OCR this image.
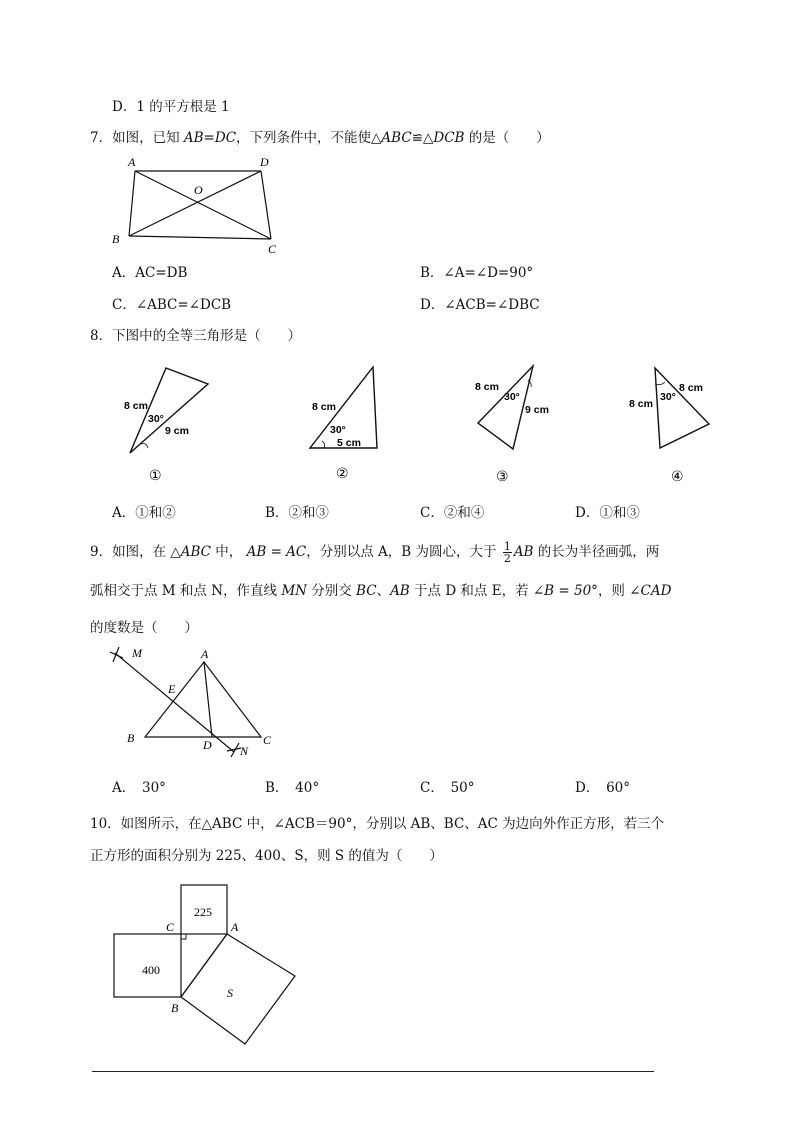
D．1 的平方根是 1
7．如图，已知 AB=DC，下列条件中，不能使△ABC≌△DCB 的是（　　）
A	D
O
B
C
A．AC=DB	B．∠A=∠D=90°
C．∠ABC=∠DCB	D．∠ACB=∠DBC
8．下图中的全等三角形是（　　）
8 cm
30°
9 cm
①
8 cm
30°
5 cm
②
8 cm
30°
9 cm
③
8 cm
30°
8 cm
④
A．①和②	B．②和③	C．②和④	D．①和③
9．如图，在 △ABC 中， AB = AC，分别以点 A，B 为圆心，大于 $\frac{1}{2}$ AB 的长为半径画弧，两
弧相交于点 M 和点 N，作直线 MN 分别交 BC、AB 于点 D 和点 E，若 ∠B = 50°，则 ∠CAD
的度数是（　　）
M	A
E
B	D	C
N
A．　30°	B．　40°	C．　50°	D．　60°
10．如图所示，在△ABC 中，∠ACB＝90°，分别以 AB、BC、AC 为边向外作正方形，若三个
正方形的面积分别为 225、400、S，则 S 的值为（　　）
225
400
S
C	A
B
